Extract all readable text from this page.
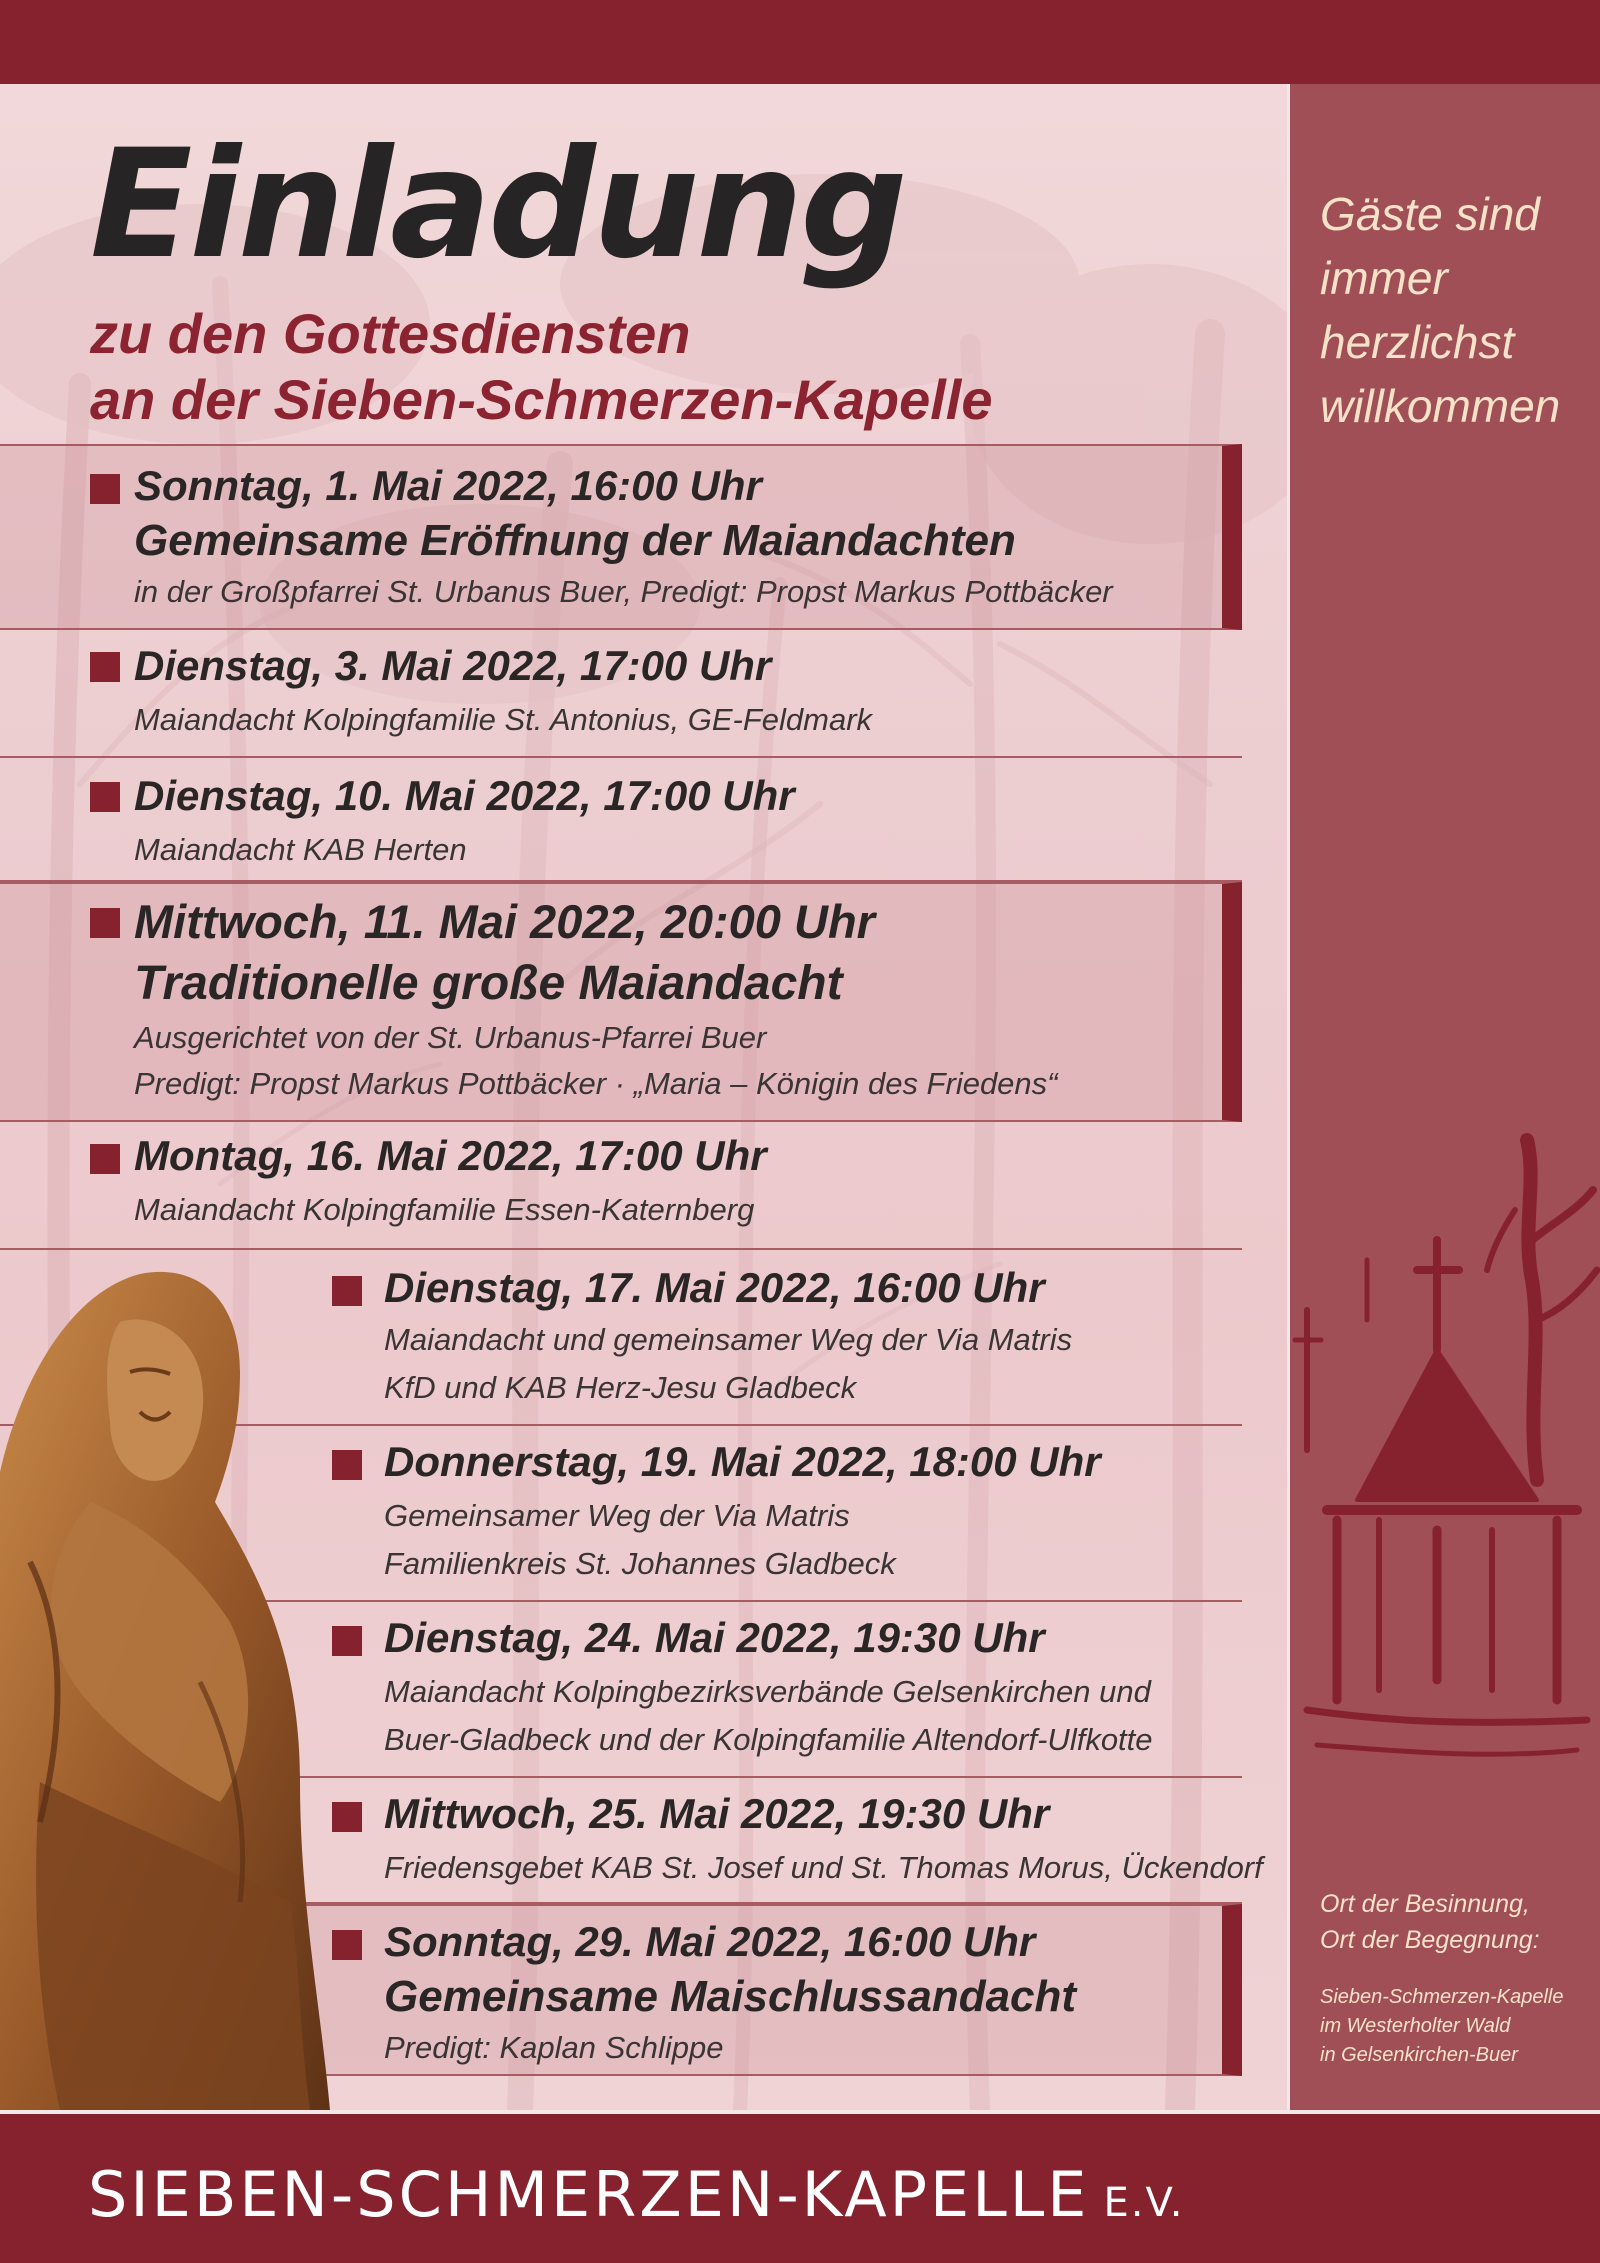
Einladung

zu den Gottesdiensten

an der Sieben-Schmerzen-Kapelle

Sonntag, 1. Mai 2022, 16:00 Uhr

Gemeinsame Eröffnung der Maiandachten

in der Großpfarrei St. Urbanus Buer, Predigt: Propst Markus Pottbäcker

Dienstag, 3. Mai 2022, 17:00 Uhr

Maiandacht Kolpingfamilie St. Antonius, GE-Feldmark

Dienstag, 10. Mai 2022, 17:00 Uhr

Maiandacht KAB Herten

Mittwoch, 11. Mai 2022, 20:00 Uhr

Traditionelle große Maiandacht

Ausgerichtet von der St. Urbanus-Pfarrei Buer

Predigt: Propst Markus Pottbäcker · „Maria – Königin des Friedens“

Montag, 16. Mai 2022, 17:00 Uhr

Maiandacht Kolpingfamilie Essen-Katernberg

Dienstag, 17. Mai 2022, 16:00 Uhr

Maiandacht und gemeinsamer Weg der Via Matris

KfD und KAB Herz-Jesu Gladbeck

Donnerstag, 19. Mai 2022, 18:00 Uhr

Gemeinsamer Weg der Via Matris

Familienkreis St. Johannes Gladbeck

Dienstag, 24. Mai 2022, 19:30 Uhr

Maiandacht Kolpingbezirksverbände Gelsenkirchen und

Buer-Gladbeck und der Kolpingfamilie Altendorf-Ulfkotte

Mittwoch, 25. Mai 2022, 19:30 Uhr

Friedensgebet KAB St. Josef und St. Thomas Morus, Ückendorf

Sonntag, 29. Mai 2022, 16:00 Uhr

Gemeinsame Maischlussandacht

Predigt: Kaplan Schlippe

Gäste sind
immer
herzlichst
willkommen

Ort der Besinnung,
Ort der Begegnung:

Sieben-Schmerzen-Kapelle
im Westerholter Wald
in Gelsenkirchen-Buer

SIEBEN-SCHMERZEN-KAPELLE E.V.
